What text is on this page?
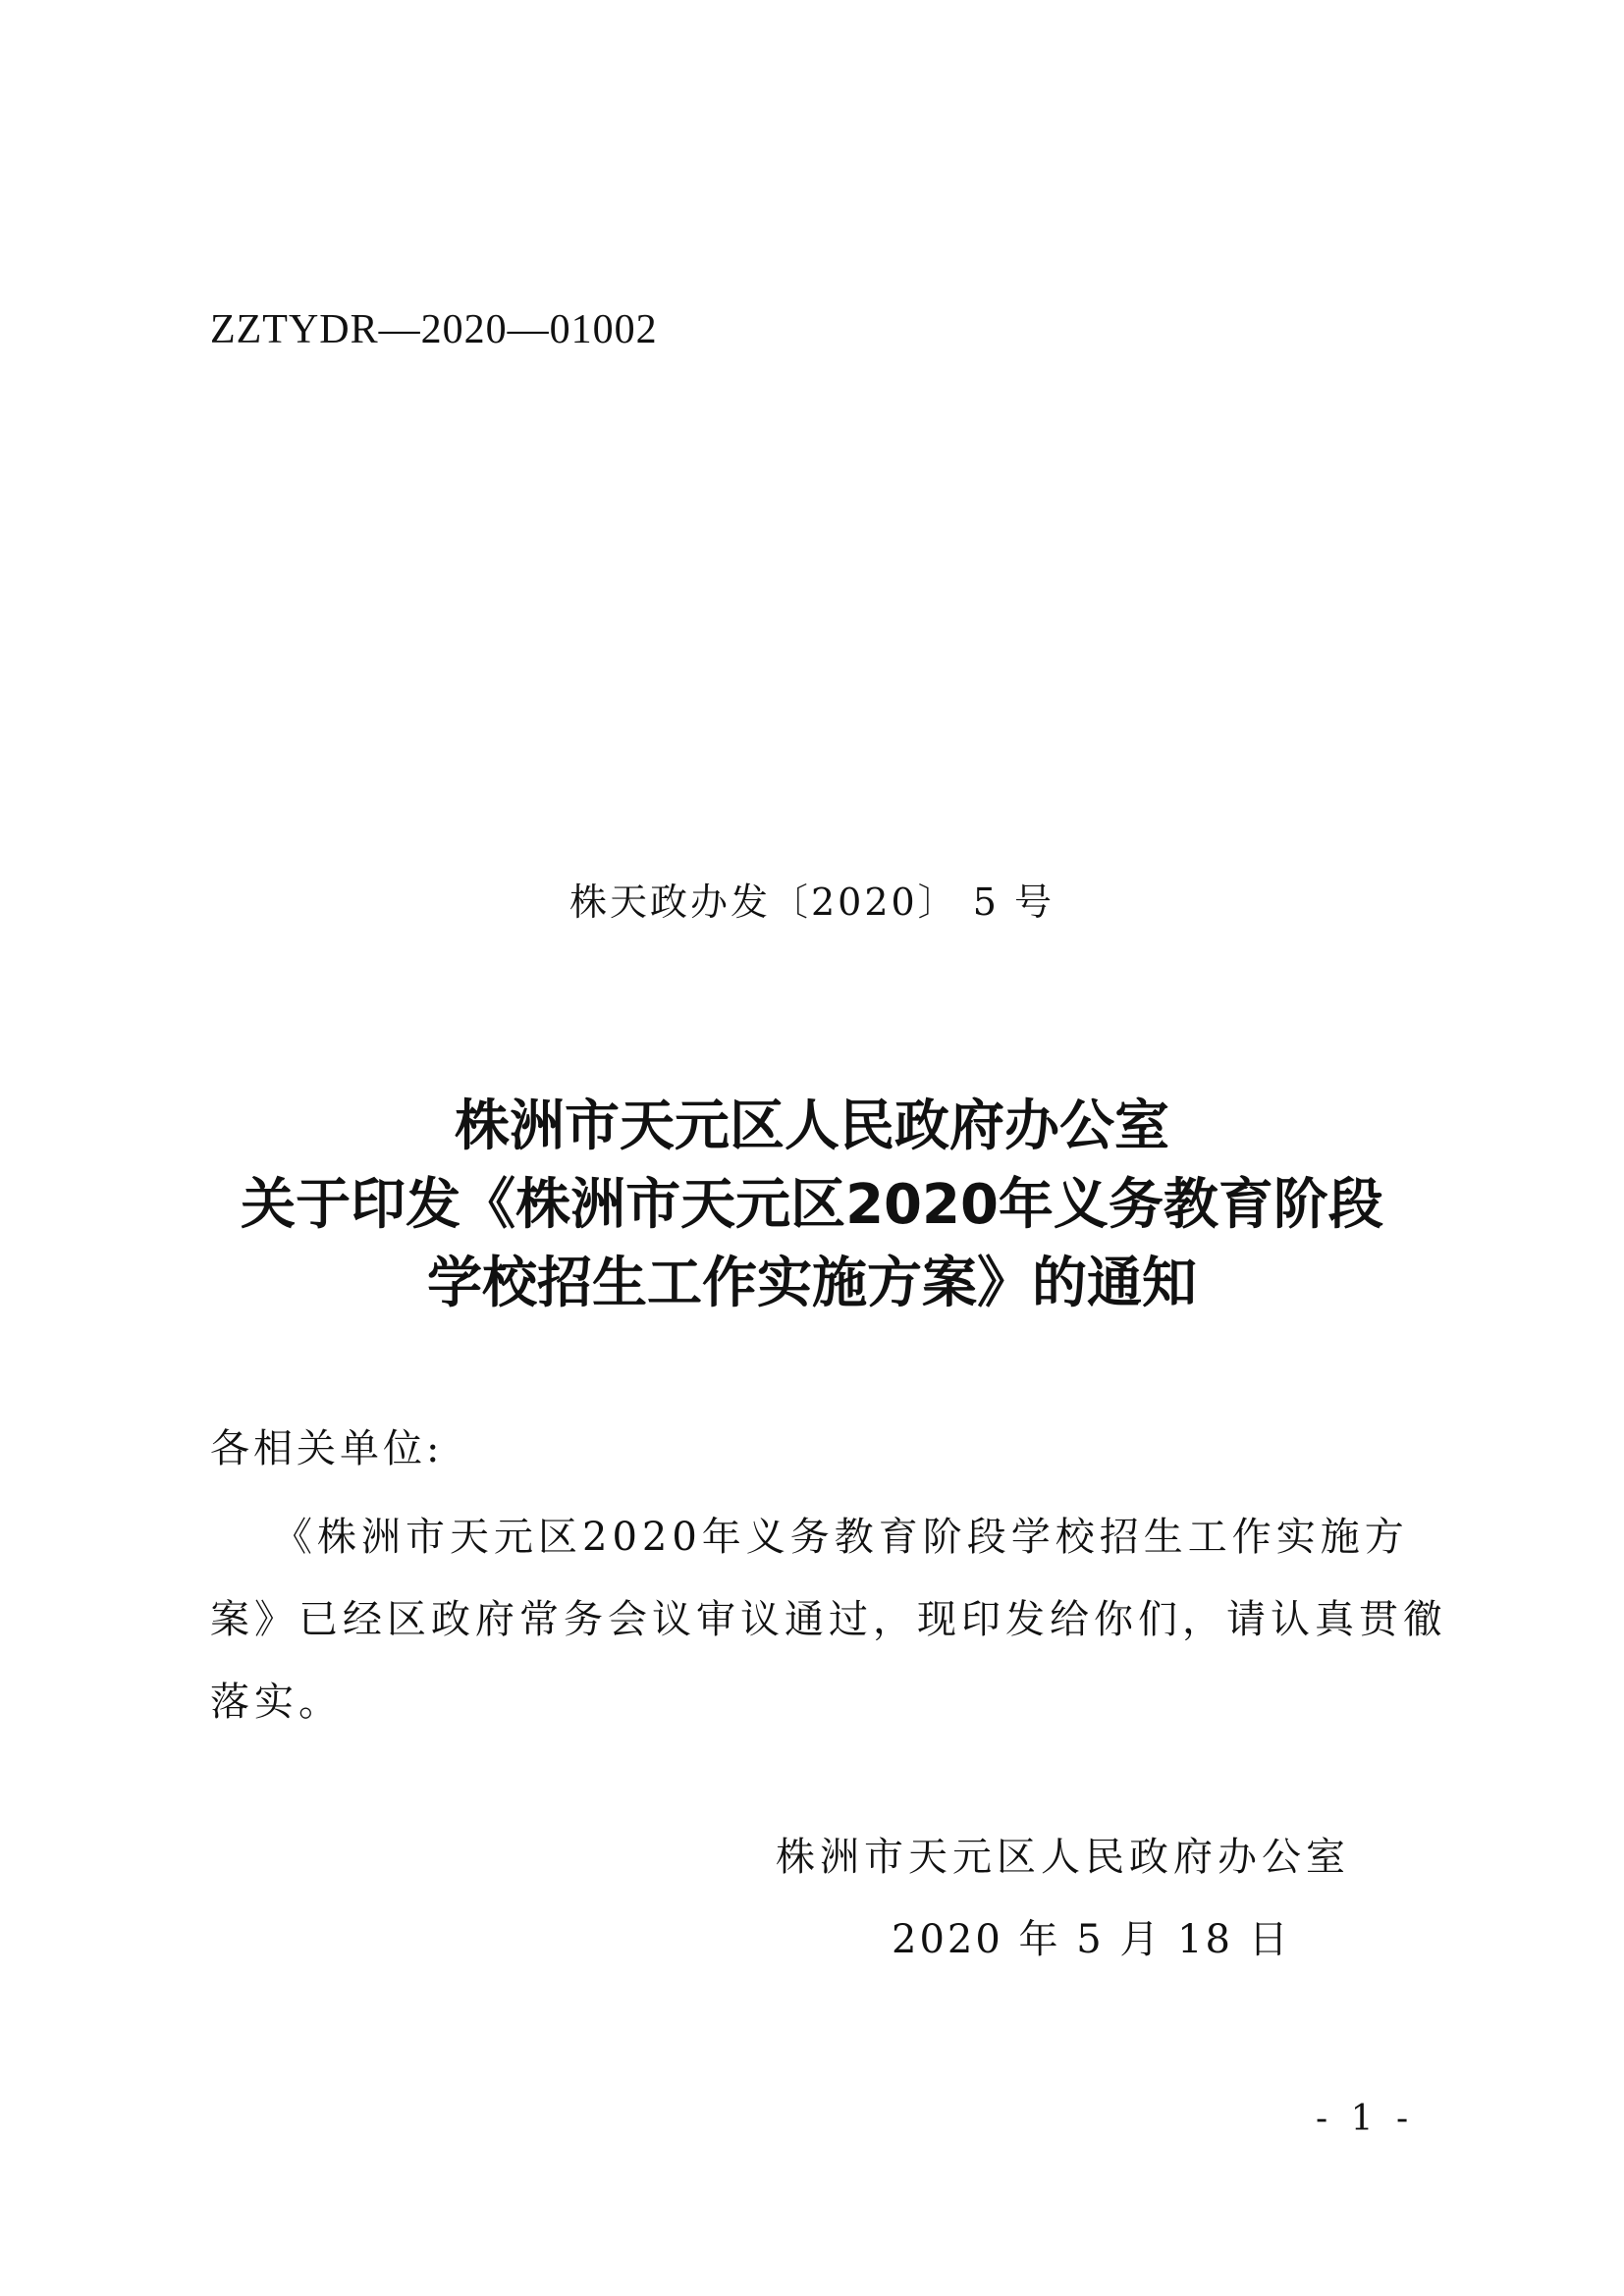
ZZTYDR—2020—01002
株天政办发〔2020〕 5 号
株洲市天元区人民政府办公室
关于印发《株洲市天元区2020年义务教育阶段
学校招生工作实施方案》的通知
各相关单位:
《株洲市天元区2020年义务教育阶段学校招生工作实施方
案》已经区政府常务会议审议通过，现印发给你们，请认真贯徹
落实。
株洲市天元区人民政府办公室
2020 年 5 月 18 日
- 1 -
